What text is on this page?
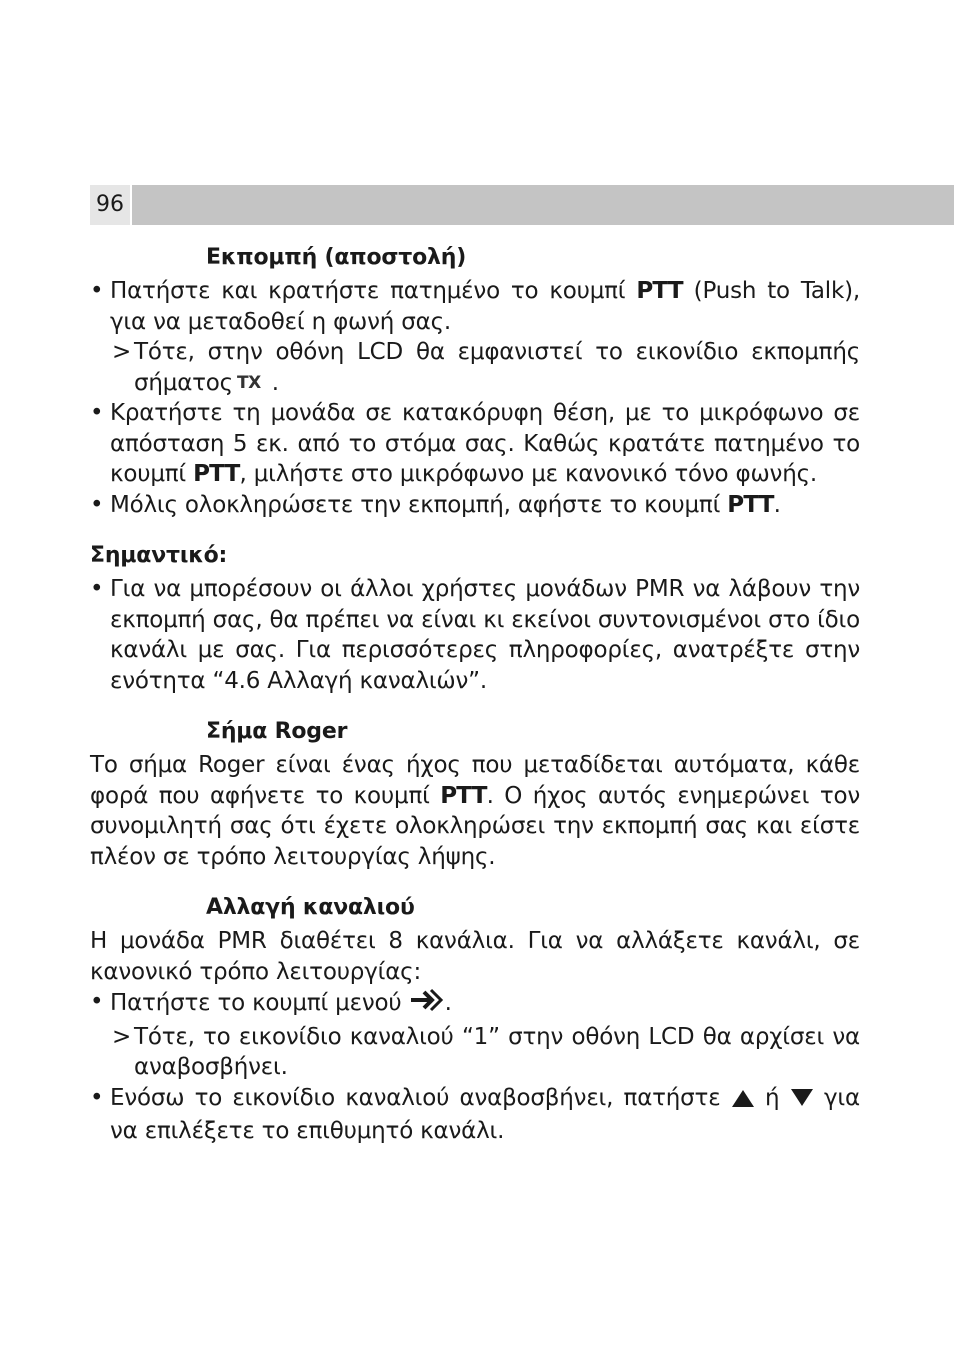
96
Εκπομπή (αποστολή)
• Πατήστε και κρατήστε πατημένο το κουμπί PTT (Push to Talk), για να μεταδοθεί η φωνή σας.
> Τότε, στην οθόνη LCD θα εμφανιστεί το εικονίδιο εκπομπής σήματος TX .
• Κρατήστε τη μονάδα σε κατακόρυφη θέση, με το μικρόφωνο σε απόσταση 5 εκ. από το στόμα σας. Καθώς κρατάτε πατημένο το κουμπί PTT, μιλήστε στο μικρόφωνο με κανονικό τόνο φωνής.
• Μόλις ολοκληρώσετε την εκπομπή, αφήστε το κουμπί PTT.
Σημαντικό:
• Για να μπορέσουν οι άλλοι χρήστες μονάδων PMR να λάβουν την εκπομπή σας, θα πρέπει να είναι κι εκείνοι συντονισμένοι στο ίδιο κανάλι με σας. Για περισσότερες πληροφορίες, ανατρέξτε στην ενότητα “4.6 Αλλαγή καναλιών”.
Σήμα Roger

Το σήμα Roger είναι ένας ήχος που μεταδίδεται αυτόματα, κάθε φορά που αφήνετε το κουμπί PTT. Ο ήχος αυτός ενημερώνει τον συνομιλητή σας ότι έχετε ολοκληρώσει την εκπομπή σας και είστε πλέον σε τρόπο λειτουργίας λήψης.

Αλλαγή καναλιού

Η μονάδα PMR διαθέτει 8 κανάλια. Για να αλλάξετε κανάλι, σε κανονικό τρόπο λειτουργίας:

• Πατήστε το κουμπί μενού .
> Τότε, το εικονίδιο καναλιού “1” στην οθόνη LCD θα αρχίσει να αναβοσβήνει.
• Ενόσω το εικονίδιο καναλιού αναβοσβήνει, πατήστε  ή  για να επιλέξετε το επιθυμητό κανάλι.
